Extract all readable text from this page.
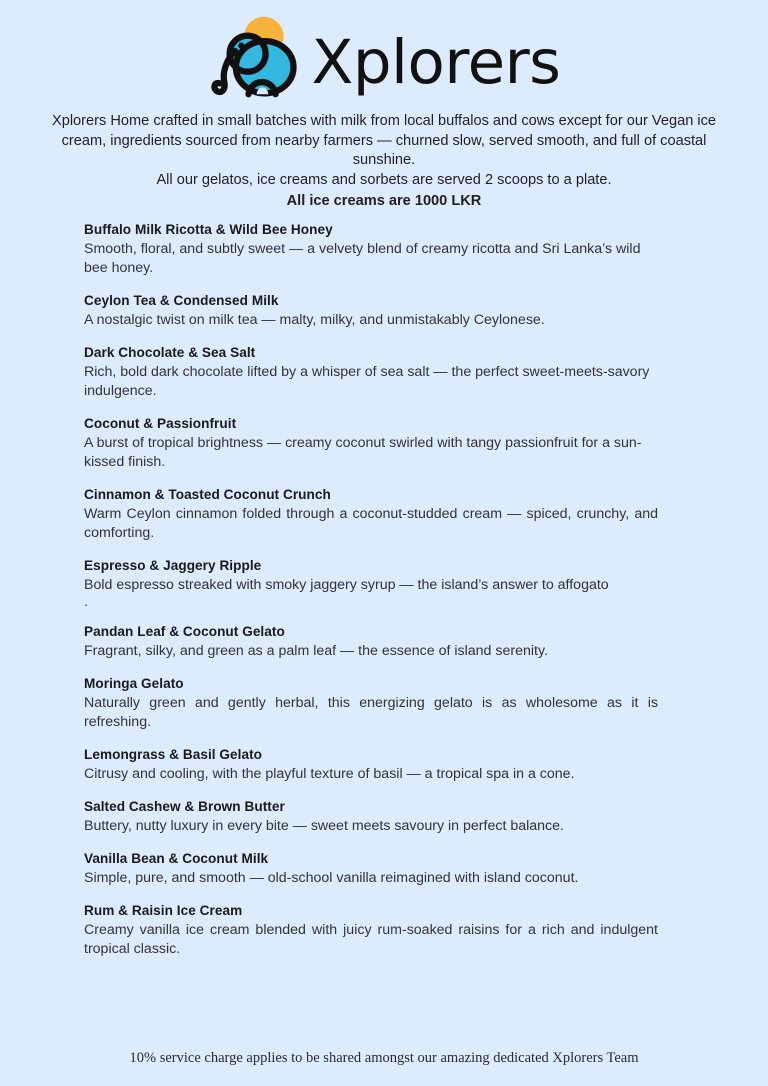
Xplorers

Xplorers Home crafted in small batches with milk from local buffalos and cows except for our Vegan ice cream, ingredients sourced from nearby farmers — churned slow, served smooth, and full of coastal sunshine.

All our gelatos, ice creams and sorbets are served 2 scoops to a plate.

All ice creams are 1000 LKR

Buffalo Milk Ricotta & Wild Bee Honey
Smooth, floral, and subtly sweet — a velvety blend of creamy ricotta and Sri Lanka’s wild bee honey.
Ceylon Tea & Condensed Milk
A nostalgic twist on milk tea — malty, milky, and unmistakably Ceylonese.
Dark Chocolate & Sea Salt
Rich, bold dark chocolate lifted by a whisper of sea salt — the perfect sweet-meets-savory indulgence.
Coconut & Passionfruit
A burst of tropical brightness — creamy coconut swirled with tangy passionfruit for a sun-kissed finish.
Cinnamon & Toasted Coconut Crunch
Warm Ceylon cinnamon folded through a coconut-studded cream — spiced, crunchy, and comforting.
Espresso & Jaggery Ripple
Bold espresso streaked with smoky jaggery syrup — the island’s answer to affogato
.
Pandan Leaf & Coconut Gelato
Fragrant, silky, and green as a palm leaf — the essence of island serenity.
Moringa Gelato
Naturally green and gently herbal, this energizing gelato is as wholesome as it is refreshing.
Lemongrass & Basil Gelato
Citrusy and cooling, with the playful texture of basil — a tropical spa in a cone.
Salted Cashew & Brown Butter
Buttery, nutty luxury in every bite — sweet meets savoury in perfect balance.
Vanilla Bean & Coconut Milk
Simple, pure, and smooth — old-school vanilla reimagined with island coconut.
Rum & Raisin Ice Cream
Creamy vanilla ice cream blended with juicy rum-soaked raisins for a rich and indulgent tropical classic.
10% service charge applies to be shared amongst our amazing dedicated Xplorers Team
